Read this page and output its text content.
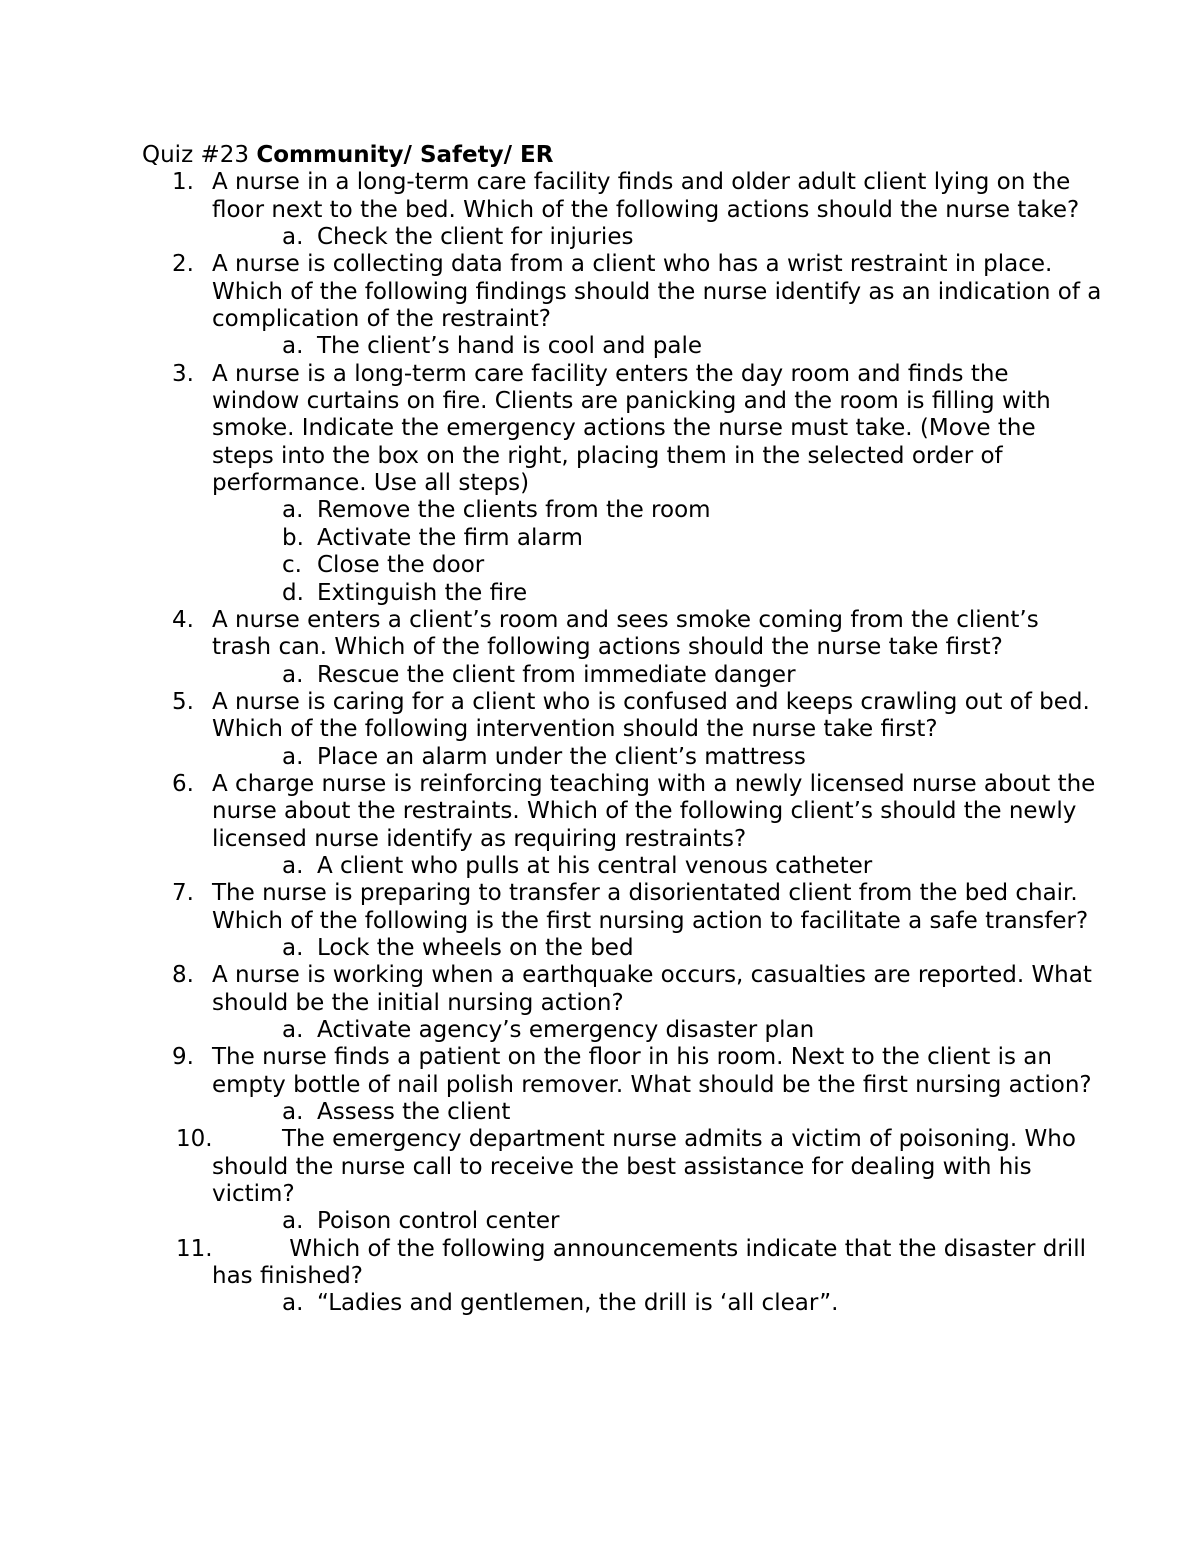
Quiz #23 Community/ Safety/ ER

1. A nurse in a long-term care facility finds and older adult client lying on the floor next to the bed. Which of the following actions should the nurse take?
a. Check the client for injuries
2. A nurse is collecting data from a client who has a wrist restraint in place. Which of the following findings should the nurse identify as an indication of a complication of the restraint?
a. The client’s hand is cool and pale
3. A nurse is a long-term care facility enters the day room and finds the window curtains on fire. Clients are panicking and the room is filling with smoke. Indicate the emergency actions the nurse must take. (Move the steps into the box on the right, placing them in the selected order of performance. Use all steps)
a. Remove the clients from the room
b. Activate the firm alarm
c. Close the door
d. Extinguish the fire
4. A nurse enters a client’s room and sees smoke coming from the client’s trash can. Which of the following actions should the nurse take first?
a. Rescue the client from immediate danger
5. A nurse is caring for a client who is confused and keeps crawling out of bed. Which of the following intervention should the nurse take first?
a. Place an alarm under the client’s mattress
6. A charge nurse is reinforcing teaching with a newly licensed nurse about the nurse about the restraints. Which of the following client’s should the newly licensed nurse identify as requiring restraints?
a. A client who pulls at his central venous catheter
7. The nurse is preparing to transfer a disorientated client from the bed chair. Which of the following is the first nursing action to facilitate a safe transfer?
a. Lock the wheels on the bed
8. A nurse is working when a earthquake occurs, casualties are reported. What should be the initial nursing action?
a. Activate agency’s emergency disaster plan
9. The nurse finds a patient on the floor in his room. Next to the client is an empty bottle of nail polish remover. What should be the first nursing action?
a. Assess the client
10.	The emergency department nurse admits a victim of poisoning. Who should the nurse call to receive the best assistance for dealing with his victim?
a. Poison control center
11.	Which of the following announcements indicate that the disaster drill has finished?
a. “Ladies and gentlemen, the drill is ‘all clear”.
